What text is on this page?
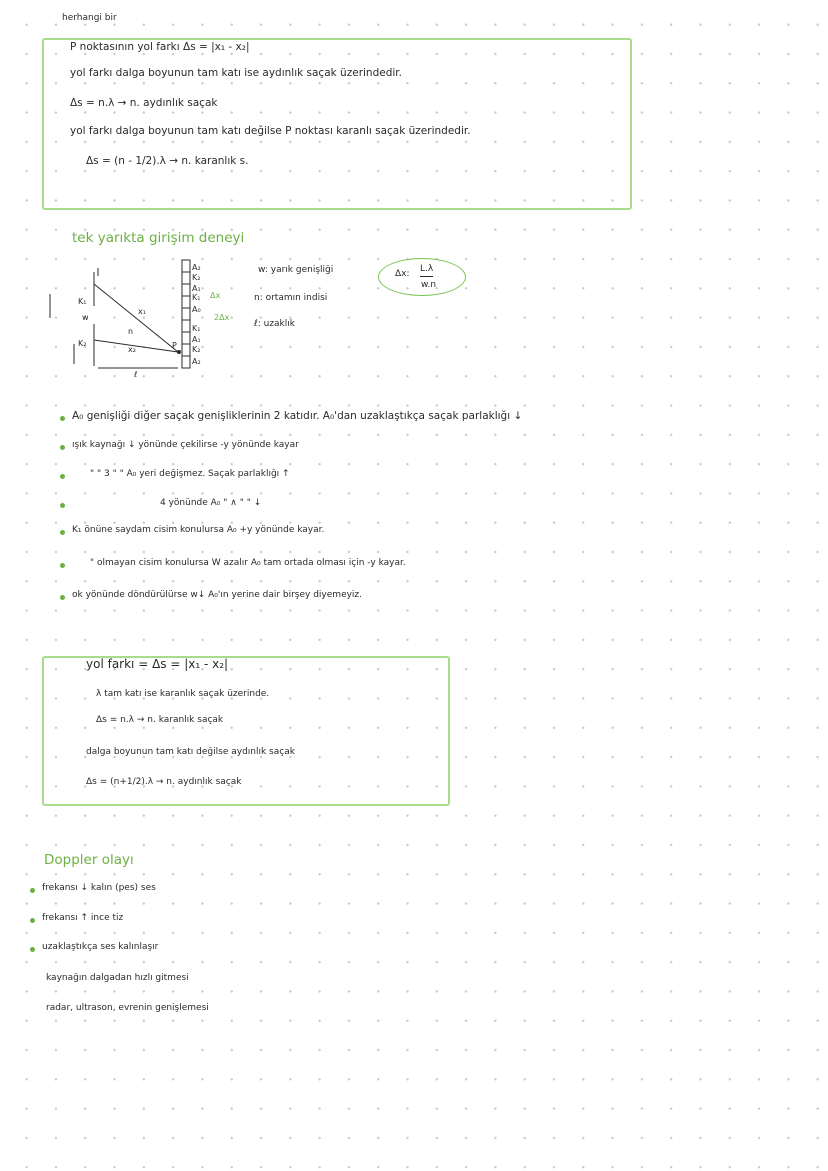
herhangi bir
P noktasının yol farkı Δs = |x₁ - x₂|
yol farkı dalga boyunun tam katı ise aydınlık saçak üzerindedir.
Δs = n.λ → n. aydınlık saçak
yol farkı dalga boyunun tam katı değilse P noktası karanlı saçak üzerindedir.
Δs = (n - 1/2).λ → n. karanlık s.
tek yarıkta girişim deneyi
A₂
K₂
A₁
K₁
A₀
K₁
A₁
K₂
A₂
w
n
x₁
x₂
ℓ
K₁
K₂	P
Δx
2Δx
w: yarık genişliği
n: ortamın indisi
ℓ: uzaklık
Δx: L.λ
w.n
A₀ genişliği diğer saçak genişliklerinin 2 katıdır. A₀'dan uzaklaştıkça saçak parlaklığı ↓
ışık kaynağı ↓ yönünde çekilirse -y yönünde kayar
" " 3 " " A₀ yeri değişmez. Saçak parlaklığı ↑
4 yönünde A₀ " ∧ " " ↓
K₁ önüne saydam cisim konulursa A₀ +y yönünde kayar.
" olmayan cisim konulursa W azalır A₀ tam ortada olması için -y kayar.
ok yönünde döndürülürse w↓ A₀'ın yerine dair birşey diyemeyiz.
yol farkı = Δs = |x₁ - x₂|
λ tam katı ise karanlık saçak üzerinde.
Δs = n.λ → n. karanlık saçak
dalga boyunun tam katı değilse aydınlık saçak
Δs = (n+1/2).λ → n. aydınlık saçak
Doppler olayı
frekansı ↓ kalın (pes) ses
frekansı ↑ ince tiz
uzaklaştıkça ses kalınlaşır
kaynağın dalgadan hızlı gitmesi
radar, ultrason, evrenin genişlemesi
